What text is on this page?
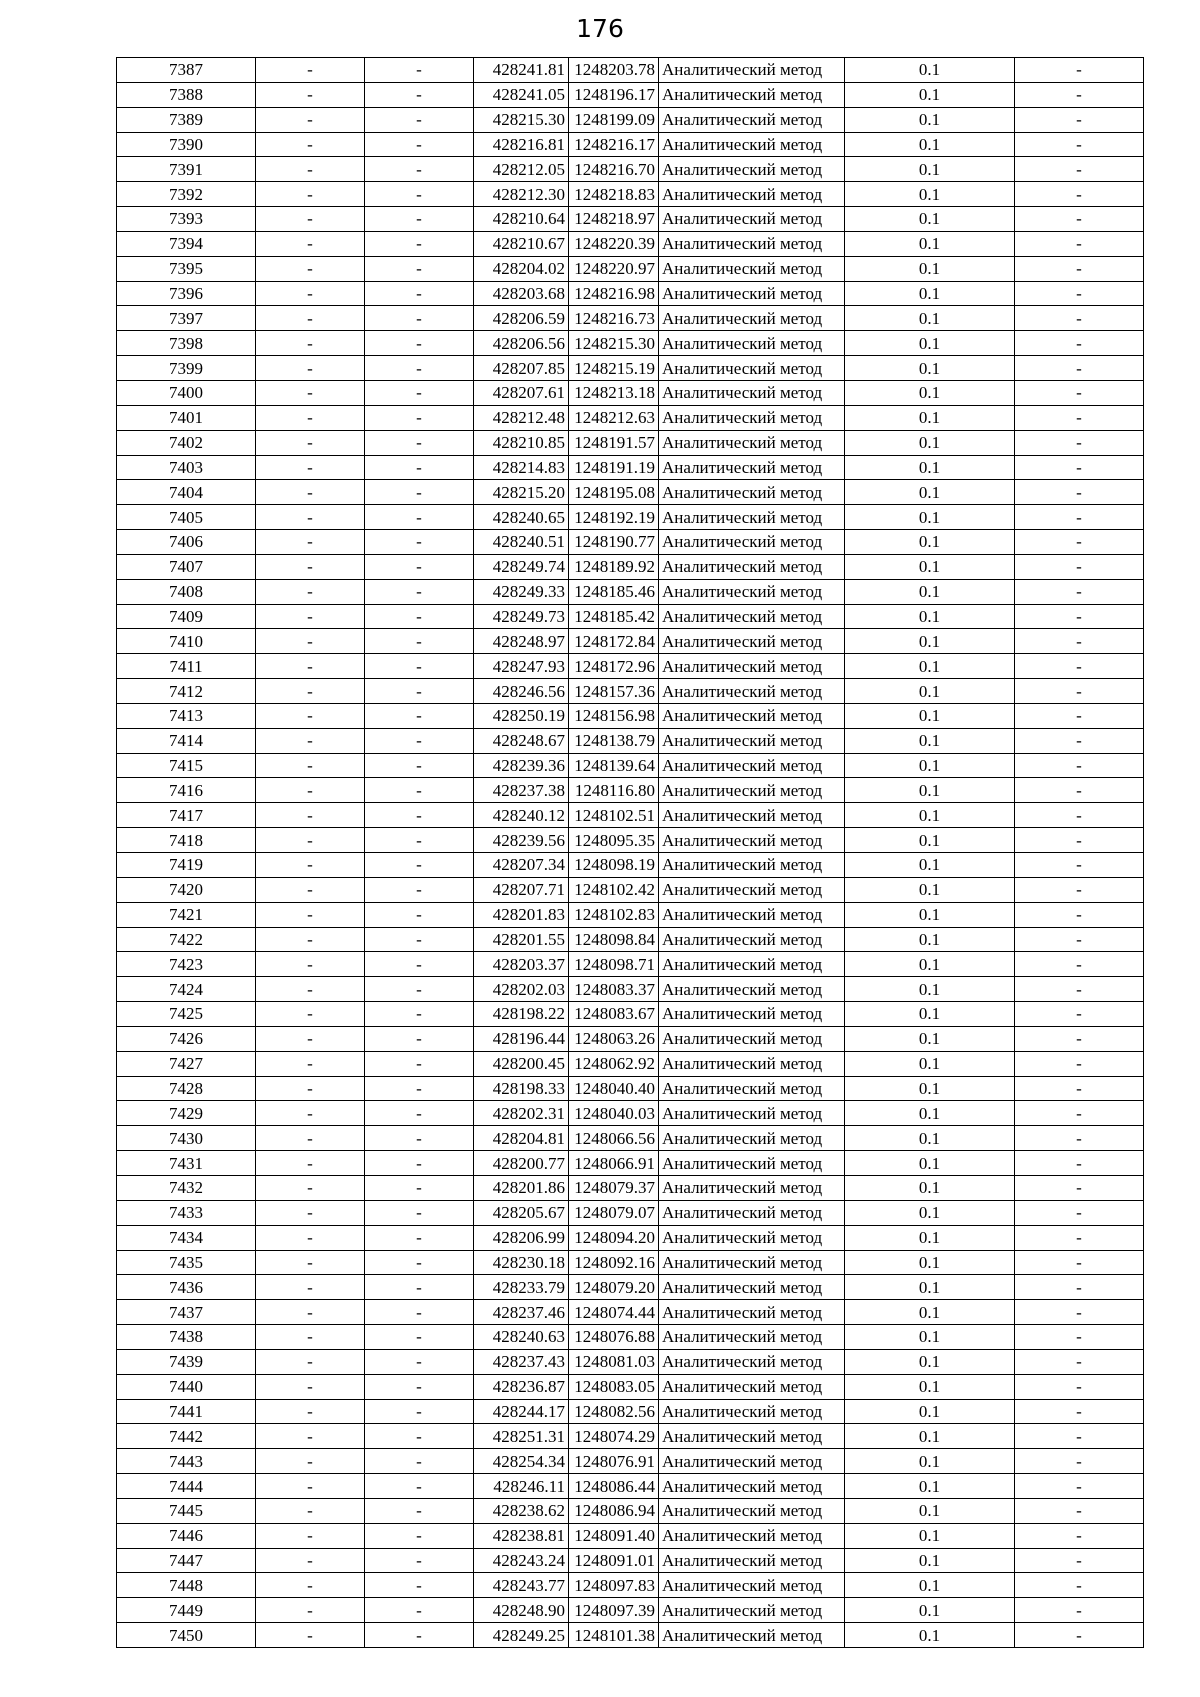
176
7387	-	-	428241.81	1248203.78	Аналитический метод	0.1	-
7388	-	-	428241.05	1248196.17	Аналитический метод	0.1	-
7389	-	-	428215.30	1248199.09	Аналитический метод	0.1	-
7390	-	-	428216.81	1248216.17	Аналитический метод	0.1	-
7391	-	-	428212.05	1248216.70	Аналитический метод	0.1	-
7392	-	-	428212.30	1248218.83	Аналитический метод	0.1	-
7393	-	-	428210.64	1248218.97	Аналитический метод	0.1	-
7394	-	-	428210.67	1248220.39	Аналитический метод	0.1	-
7395	-	-	428204.02	1248220.97	Аналитический метод	0.1	-
7396	-	-	428203.68	1248216.98	Аналитический метод	0.1	-
7397	-	-	428206.59	1248216.73	Аналитический метод	0.1	-
7398	-	-	428206.56	1248215.30	Аналитический метод	0.1	-
7399	-	-	428207.85	1248215.19	Аналитический метод	0.1	-
7400	-	-	428207.61	1248213.18	Аналитический метод	0.1	-
7401	-	-	428212.48	1248212.63	Аналитический метод	0.1	-
7402	-	-	428210.85	1248191.57	Аналитический метод	0.1	-
7403	-	-	428214.83	1248191.19	Аналитический метод	0.1	-
7404	-	-	428215.20	1248195.08	Аналитический метод	0.1	-
7405	-	-	428240.65	1248192.19	Аналитический метод	0.1	-
7406	-	-	428240.51	1248190.77	Аналитический метод	0.1	-
7407	-	-	428249.74	1248189.92	Аналитический метод	0.1	-
7408	-	-	428249.33	1248185.46	Аналитический метод	0.1	-
7409	-	-	428249.73	1248185.42	Аналитический метод	0.1	-
7410	-	-	428248.97	1248172.84	Аналитический метод	0.1	-
7411	-	-	428247.93	1248172.96	Аналитический метод	0.1	-
7412	-	-	428246.56	1248157.36	Аналитический метод	0.1	-
7413	-	-	428250.19	1248156.98	Аналитический метод	0.1	-
7414	-	-	428248.67	1248138.79	Аналитический метод	0.1	-
7415	-	-	428239.36	1248139.64	Аналитический метод	0.1	-
7416	-	-	428237.38	1248116.80	Аналитический метод	0.1	-
7417	-	-	428240.12	1248102.51	Аналитический метод	0.1	-
7418	-	-	428239.56	1248095.35	Аналитический метод	0.1	-
7419	-	-	428207.34	1248098.19	Аналитический метод	0.1	-
7420	-	-	428207.71	1248102.42	Аналитический метод	0.1	-
7421	-	-	428201.83	1248102.83	Аналитический метод	0.1	-
7422	-	-	428201.55	1248098.84	Аналитический метод	0.1	-
7423	-	-	428203.37	1248098.71	Аналитический метод	0.1	-
7424	-	-	428202.03	1248083.37	Аналитический метод	0.1	-
7425	-	-	428198.22	1248083.67	Аналитический метод	0.1	-
7426	-	-	428196.44	1248063.26	Аналитический метод	0.1	-
7427	-	-	428200.45	1248062.92	Аналитический метод	0.1	-
7428	-	-	428198.33	1248040.40	Аналитический метод	0.1	-
7429	-	-	428202.31	1248040.03	Аналитический метод	0.1	-
7430	-	-	428204.81	1248066.56	Аналитический метод	0.1	-
7431	-	-	428200.77	1248066.91	Аналитический метод	0.1	-
7432	-	-	428201.86	1248079.37	Аналитический метод	0.1	-
7433	-	-	428205.67	1248079.07	Аналитический метод	0.1	-
7434	-	-	428206.99	1248094.20	Аналитический метод	0.1	-
7435	-	-	428230.18	1248092.16	Аналитический метод	0.1	-
7436	-	-	428233.79	1248079.20	Аналитический метод	0.1	-
7437	-	-	428237.46	1248074.44	Аналитический метод	0.1	-
7438	-	-	428240.63	1248076.88	Аналитический метод	0.1	-
7439	-	-	428237.43	1248081.03	Аналитический метод	0.1	-
7440	-	-	428236.87	1248083.05	Аналитический метод	0.1	-
7441	-	-	428244.17	1248082.56	Аналитический метод	0.1	-
7442	-	-	428251.31	1248074.29	Аналитический метод	0.1	-
7443	-	-	428254.34	1248076.91	Аналитический метод	0.1	-
7444	-	-	428246.11	1248086.44	Аналитический метод	0.1	-
7445	-	-	428238.62	1248086.94	Аналитический метод	0.1	-
7446	-	-	428238.81	1248091.40	Аналитический метод	0.1	-
7447	-	-	428243.24	1248091.01	Аналитический метод	0.1	-
7448	-	-	428243.77	1248097.83	Аналитический метод	0.1	-
7449	-	-	428248.90	1248097.39	Аналитический метод	0.1	-
7450	-	-	428249.25	1248101.38	Аналитический метод	0.1	-
